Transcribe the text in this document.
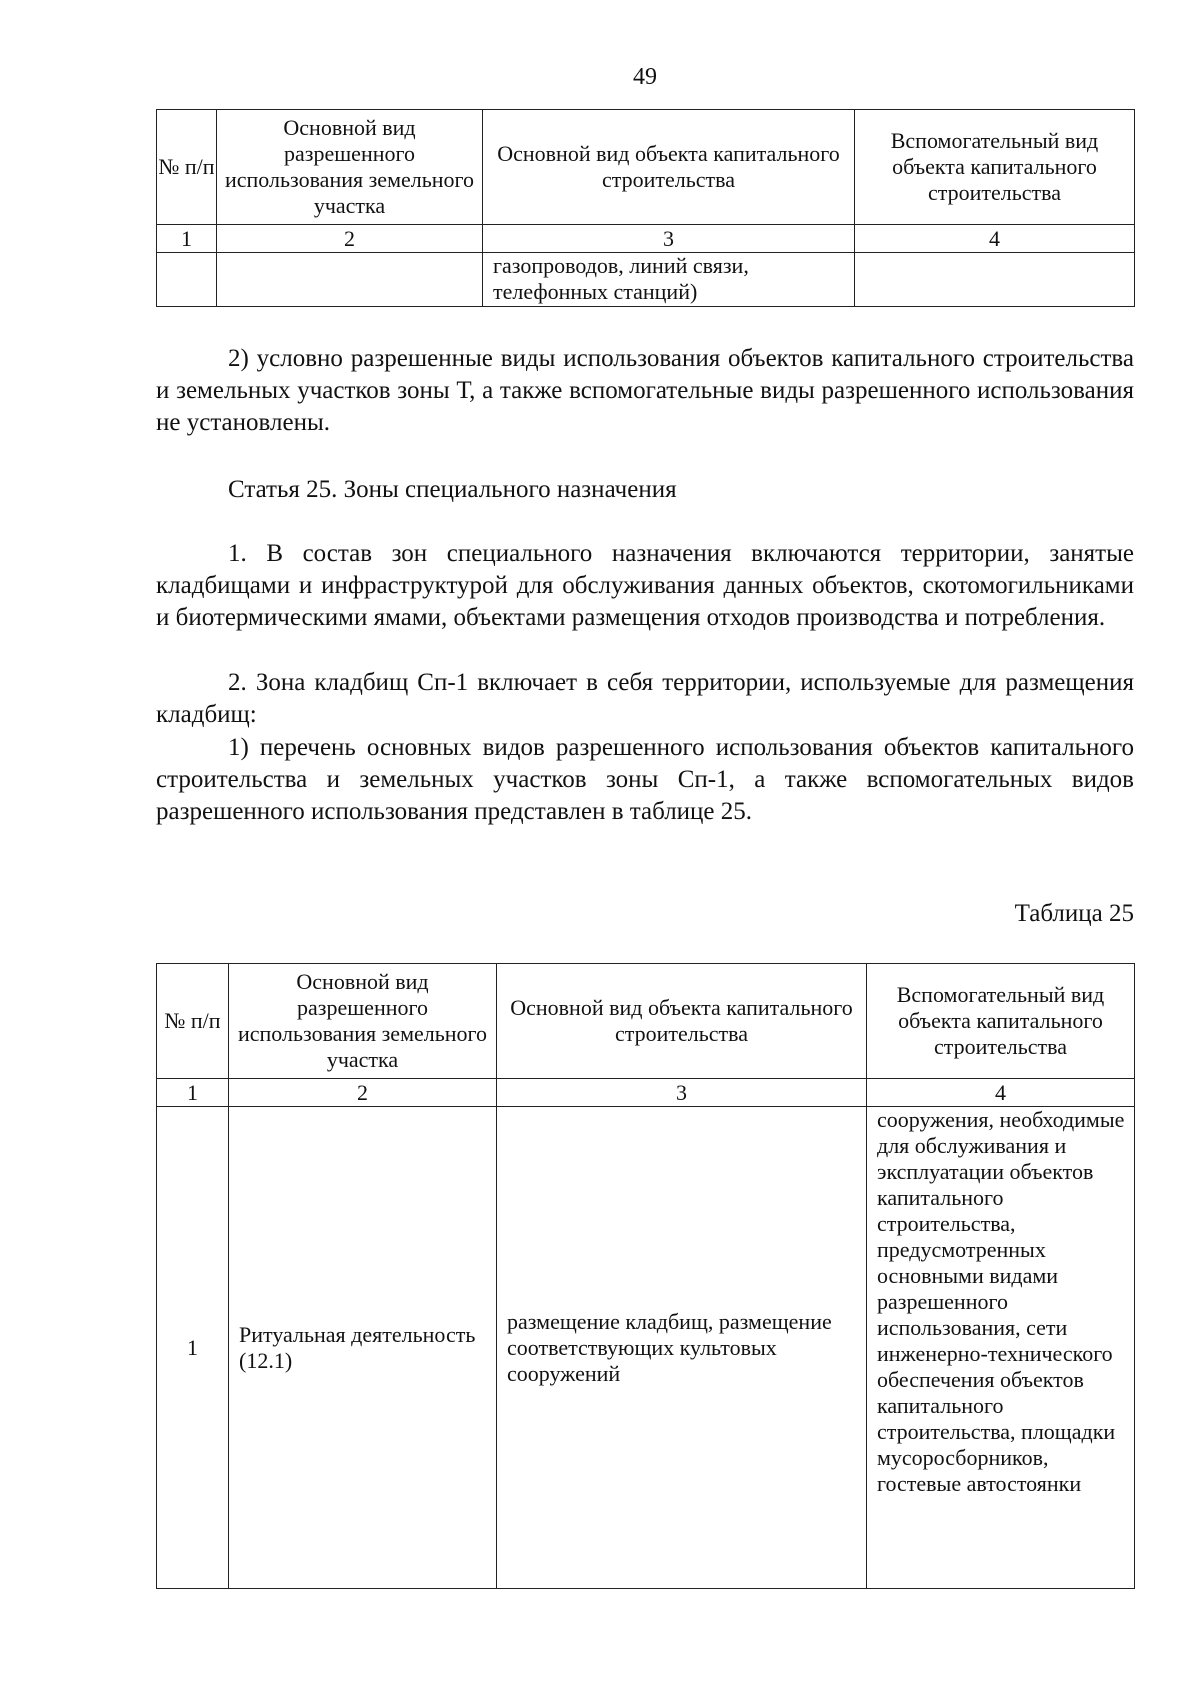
49
№ п/п	Основной вид разрешенного использования земельного участка	Основной вид объекта капитального строительства	Вспомогательный вид объекта капитального строительства
1	2	3	4
		газопроводов, линий связи, телефонных станций)	

2) условно разрешенные виды использования объектов капитального строительства и земельных участков зоны Т, а также вспомогательные виды разрешенного использования не установлены.

Статья 25. Зоны специального назначения

1. В состав зон специального назначения включаются территории, занятые кладбищами и инфраструктурой для обслуживания данных объектов, скотомогильниками и биотермическими ямами, объектами размещения отходов производства и потребления.

2. Зона кладбищ Сп-1 включает в себя территории, используемые для размещения кладбищ:

1) перечень основных видов разрешенного использования объектов капитального строительства и земельных участков зоны Сп-1, а также вспомогательных видов разрешенного использования представлен в таблице 25.

Таблица 25
№ п/п	Основной вид разрешенного использования земельного участка	Основной вид объекта капитального строительства	Вспомогательный вид объекта капитального строительства
1	2	3	4
1	Ритуальная деятельность (12.1)	размещение кладбищ, размещение соответствующих культовых сооружений	сооружения, необходимые для обслуживания и эксплуатации объектов капитального строительства, предусмотренных основными видами разрешенного использования, сети инженерно-технического обеспечения объектов капитального строительства, площадки мусоросборников, гостевые автостоянки
